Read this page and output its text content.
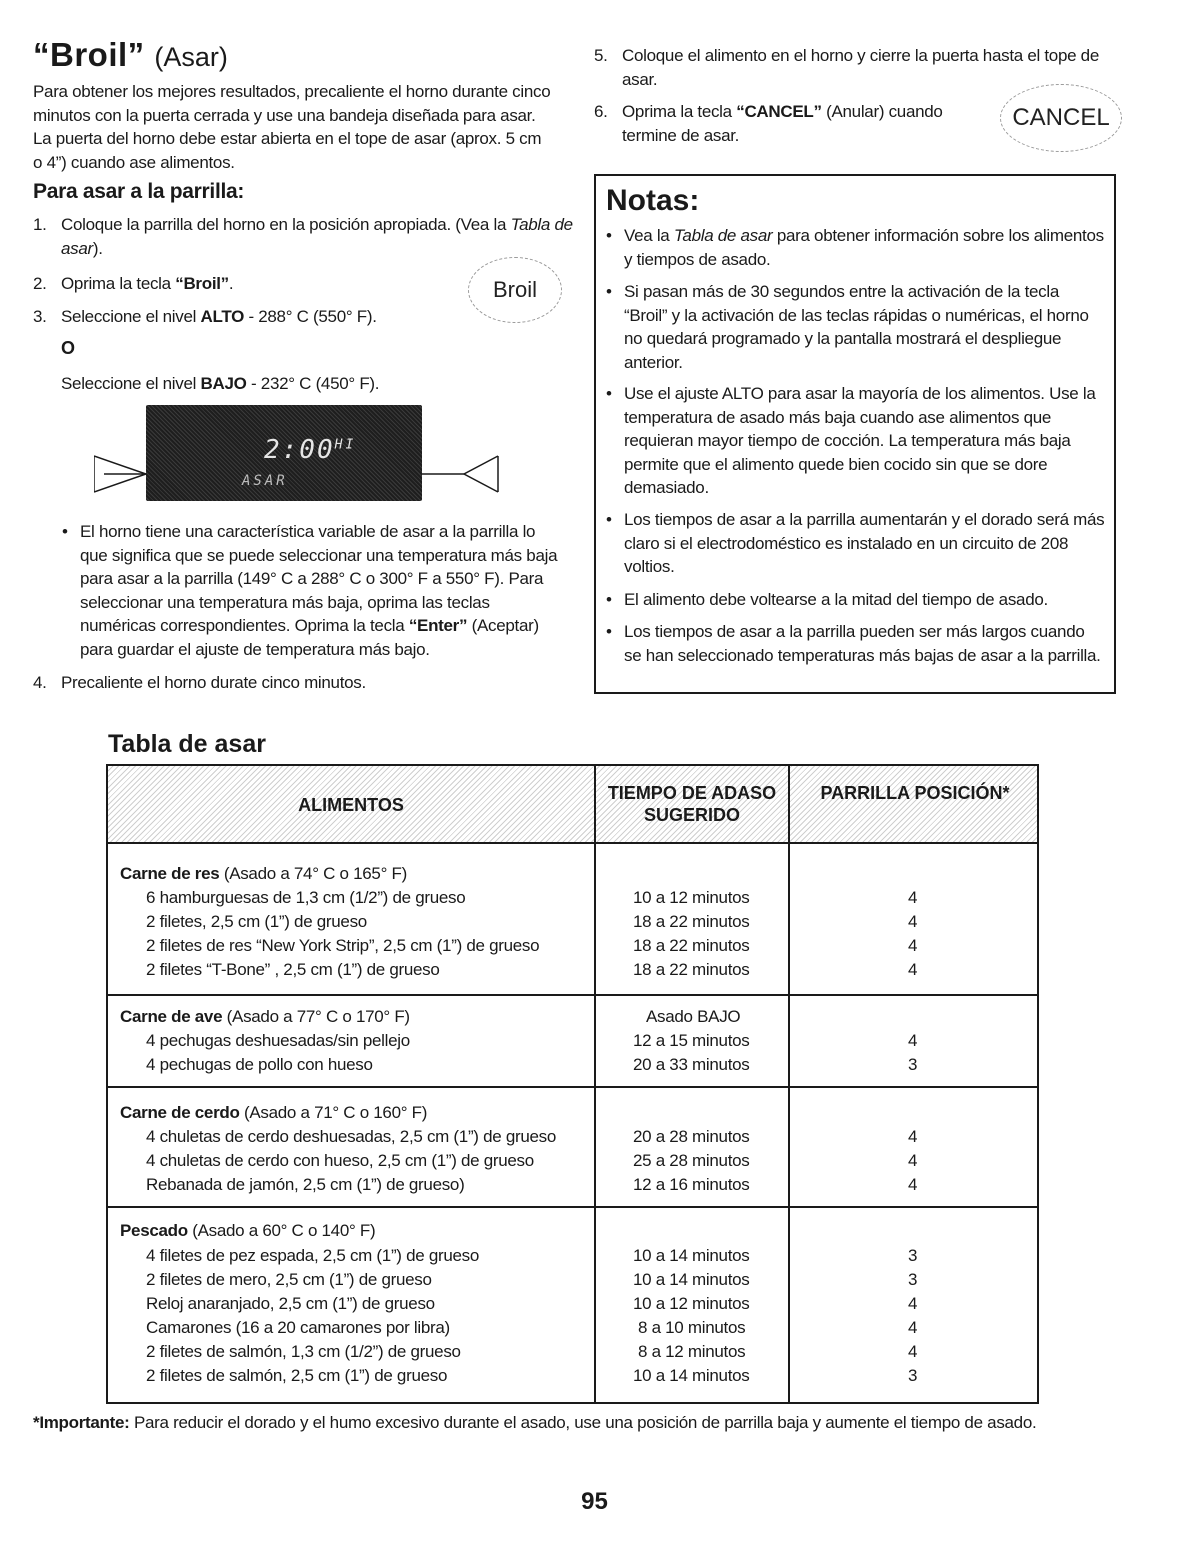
“Broil” (Asar)

Para obtener los mejores resultados, precaliente el horno durante cinco minutos con la puerta cerrada y use una bandeja diseñada para asar. La puerta del horno debe estar abierta en el tope de asar (aprox. 5 cm o 4”) cuando ase alimentos.

Para asar a la parrilla:
1. Coloque la parrilla del horno en la posición apropiada. (Vea la Tabla de asar).
2. Oprima la tecla “Broil”.
3. Seleccione el nivel ALTO - 288° C (550° F).
O
Seleccione el nivel BAJO - 232° C (450° F).
4. Precaliente el horno durate cinco minutos.
5. Coloque el alimento en el horno y cierre la puerta hasta el tope de asar.
6. Oprima la tecla “CANCEL” (Anular) cuando termine de asar.
Broil
CANCEL
$2:00^{HI}$
ASAR
• El horno tiene una característica variable de asar a la parrilla lo que significa que se puede seleccionar una temperatura más baja para asar a la parrilla (149° C a 288° C o 300° F a 550° F). Para seleccionar una temperatura más baja, oprima las teclas numéricas correspondientes. Oprima la tecla “Enter” (Aceptar) para guardar el ajuste de temperatura más bajo.
Notas:
• Vea la Tabla de asar para obtener información sobre los alimentos y tiempos de asado.
• Si pasan más de 30 segundos entre la activación de la tecla “Broil” y la activación de las teclas rápidas o numéricas, el horno no quedará programado y la pantalla mostrará el despliegue anterior.
• Use el ajuste ALTO para asar la mayoría de los alimentos. Use la temperatura de asado más baja cuando ase alimentos que requieran mayor tiempo de cocción. La temperatura más baja permite que el alimento quede bien cocido sin que se dore demasiado.
• Los tiempos de asar a la parrilla aumentarán y el dorado será más claro si el electrodoméstico es instalado en un circuito de 208 voltios.
• El alimento debe voltearse a la mitad del tiempo de asado.
• Los tiempos de asar a la parrilla pueden ser más largos cuando se han seleccionado temperaturas más bajas de asar a la parrilla.
Tabla de asar
ALIMENTOS
TIEMPO DE ADASO SUGERIDO
PARRILLA POSICIÓN*
Carne de res (Asado a 74° C o 165° F)
6 hamburguesas de 1,3 cm (1/2”) de grueso
2 filetes, 2,5 cm (1”) de grueso
2 filetes de res “New York Strip”, 2,5 cm (1”) de grueso
2 filetes “T-Bone” , 2,5 cm (1”) de grueso
10 a 12 minutos
18 a 22 minutos
18 a 22 minutos
18 a 22 minutos
4
4
4
4
Carne de ave (Asado a 77° C o 170° F)	Asado BAJO
4 pechugas deshuesadas/sin pellejo
4 pechugas de pollo con hueso
12 a 15 minutos
20 a 33 minutos
4
3
Carne de cerdo (Asado a 71° C o 160° F)
4 chuletas de cerdo deshuesadas, 2,5 cm (1”) de grueso
4 chuletas de cerdo con hueso, 2,5 cm (1”) de grueso
Rebanada de jamón, 2,5 cm (1”) de grueso)
20 a 28 minutos
25 a 28 minutos
12 a 16 minutos
4
4
4
Pescado (Asado a 60° C o 140° F)
4 filetes de pez espada, 2,5 cm (1”) de grueso
2 filetes de mero, 2,5 cm (1”) de grueso
Reloj anaranjado, 2,5 cm (1”) de grueso
Camarones (16 a 20 camarones por libra)
2 filetes de salmón, 1,3 cm (1/2”) de grueso
2 filetes de salmón, 2,5 cm (1”) de grueso
10 a 14 minutos
10 a 14 minutos
10 a 12 minutos
8 a 10 minutos
8 a 12 minutos
10 a 14 minutos
3
3
4
4
4
3

*Importante: Para reducir el dorado y el humo excesivo durante el asado, use una posición de parrilla baja y aumente el tiempo de asado.

95
